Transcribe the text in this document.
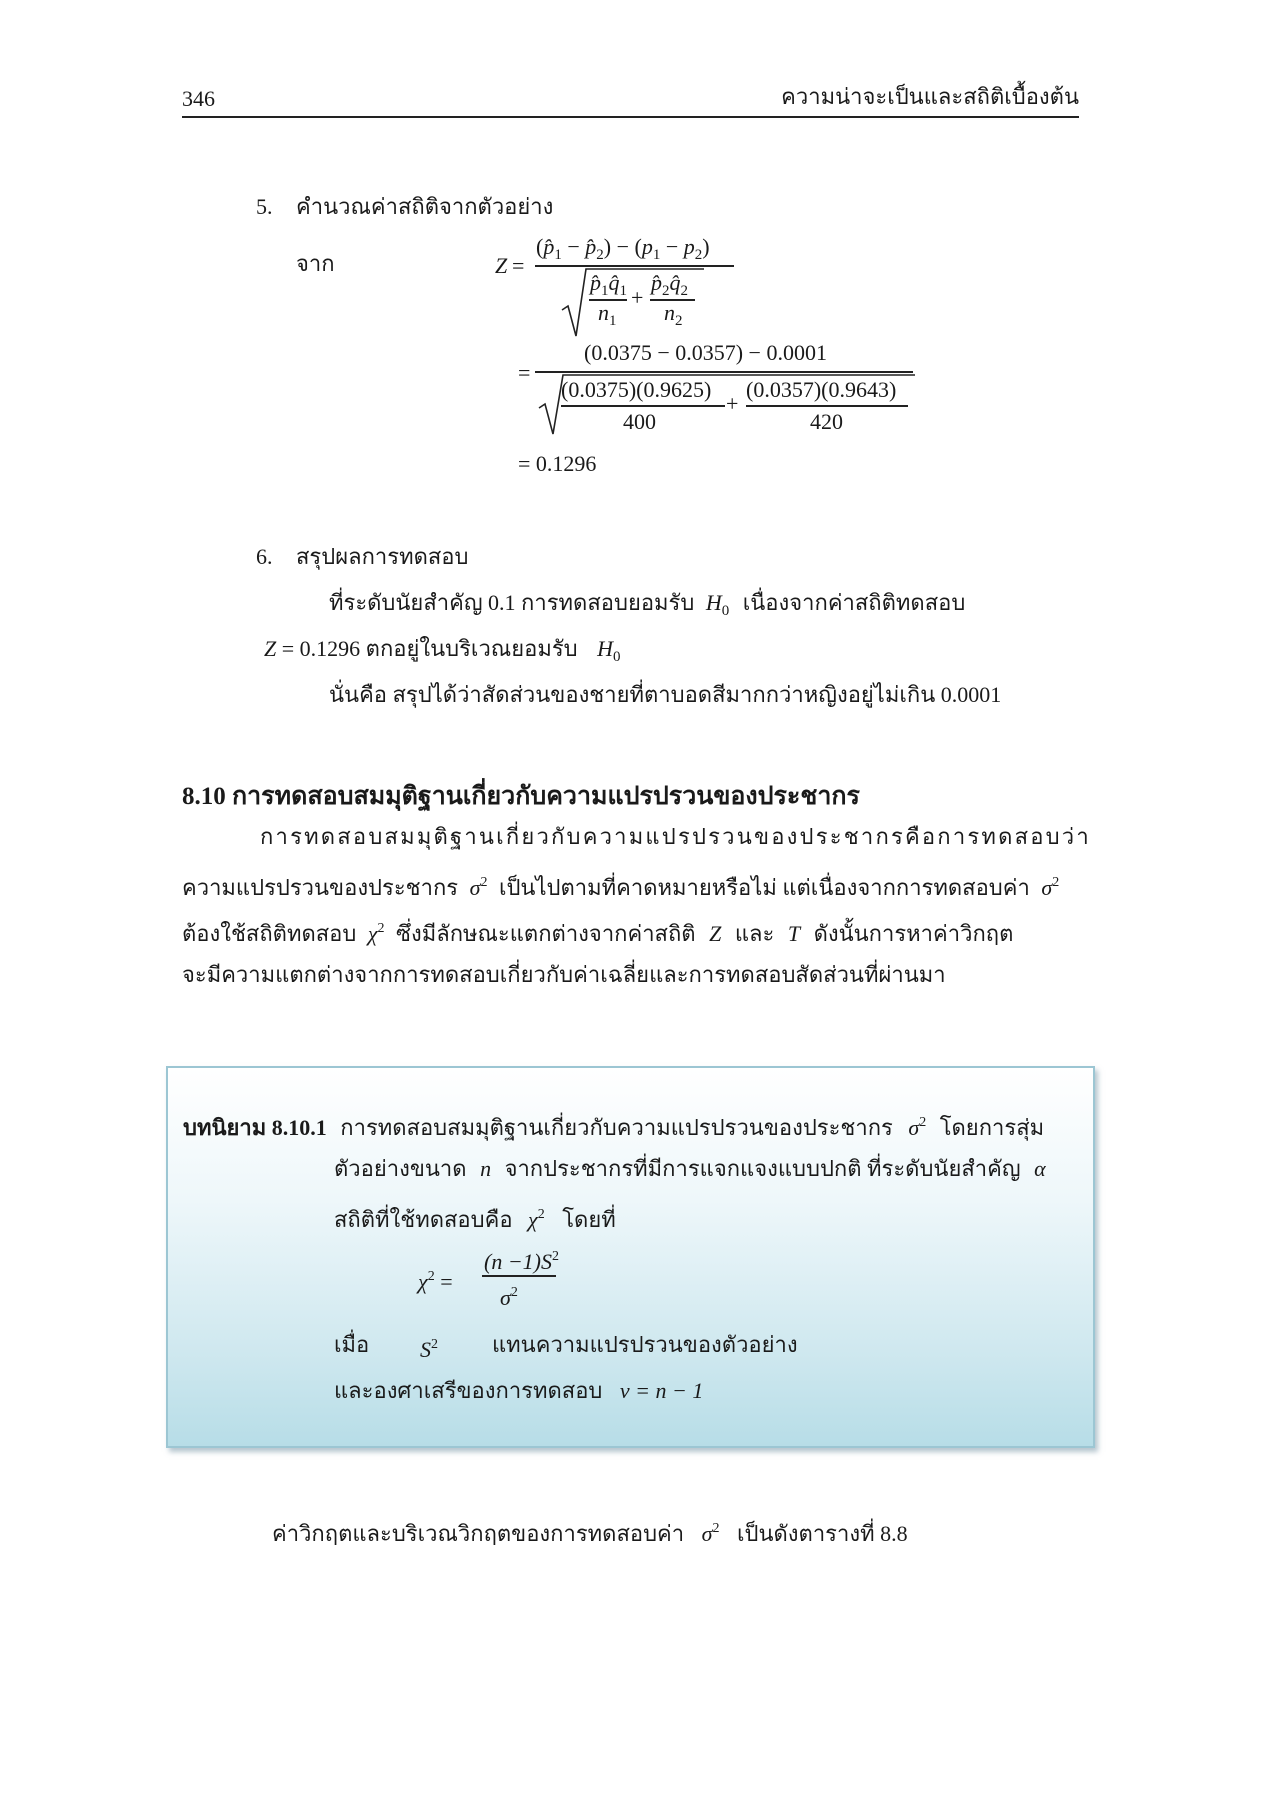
346	ความน่าจะเป็นและสถิติเบื้องต้น
5. คำนวณค่าสถิติจากตัวอย่าง
จาก	Z =
($p̂_1$ − $p̂_2) - (p_1 - p_2)$
$p̂_1q̂_1$
$n_1$
+
$p̂_2q̂_2$
$n_2$
=
(0.0375 − 0.0357) − 0.0001
(0.0375)(0.9625)
400
+
(0.0357)(0.9643)
420
= 0.1296
6. สรุปผลการทดสอบ
ที่ระดับนัยสำคัญ 0.1 การทดสอบยอมรับ $H_0$ เนื่องจากค่าสถิติทดสอบ
Z = 0.1296 ตกอยู่ในบริเวณยอมรับ $H_0$
นั่นคือ สรุปได้ว่าสัดส่วนของชายที่ตาบอดสีมากกว่าหญิงอยู่ไม่เกิน 0.0001
8.10 การทดสอบสมมุติฐานเกี่ยวกับความแปรปรวนของประชากร
การทดสอบสมมุติฐานเกี่ยวกับความแปรปรวนของประชากรคือการทดสอบว่า
ความแปรปรวนของประชากร $\sigma^2$ เป็นไปตามที่คาดหมายหรือไม่ แต่เนื่องจากการทดสอบค่า $\sigma^2$
ต้องใช้สถิติทดสอบ $\chi^2$ ซึ่งมีลักษณะแตกต่างจากค่าสถิติ Z และ T ดังนั้นการหาค่าวิกฤต
จะมีความแตกต่างจากการทดสอบเกี่ยวกับค่าเฉลี่ยและการทดสอบสัดส่วนที่ผ่านมา
บทนิยาม 8.10.1 การทดสอบสมมุติฐานเกี่ยวกับความแปรปรวนของประชากร $\sigma^2$ โดยการสุ่ม
ตัวอย่างขนาด n จากประชากรที่มีการแจกแจงแบบปกติ ที่ระดับนัยสำคัญ α
สถิติที่ใช้ทดสอบคือ $\chi^2$ โดยที่
$\chi^2$ =
$(n -1)S^2$
$\sigma^2$
เมื่อ $S^2$ แทนความแปรปรวนของตัวอย่าง
และองศาเสรีของการทดสอบ ν = n − 1
ค่าวิกฤตและบริเวณวิกฤตของการทดสอบค่า $\sigma^2$ เป็นดังตารางที่ 8.8
